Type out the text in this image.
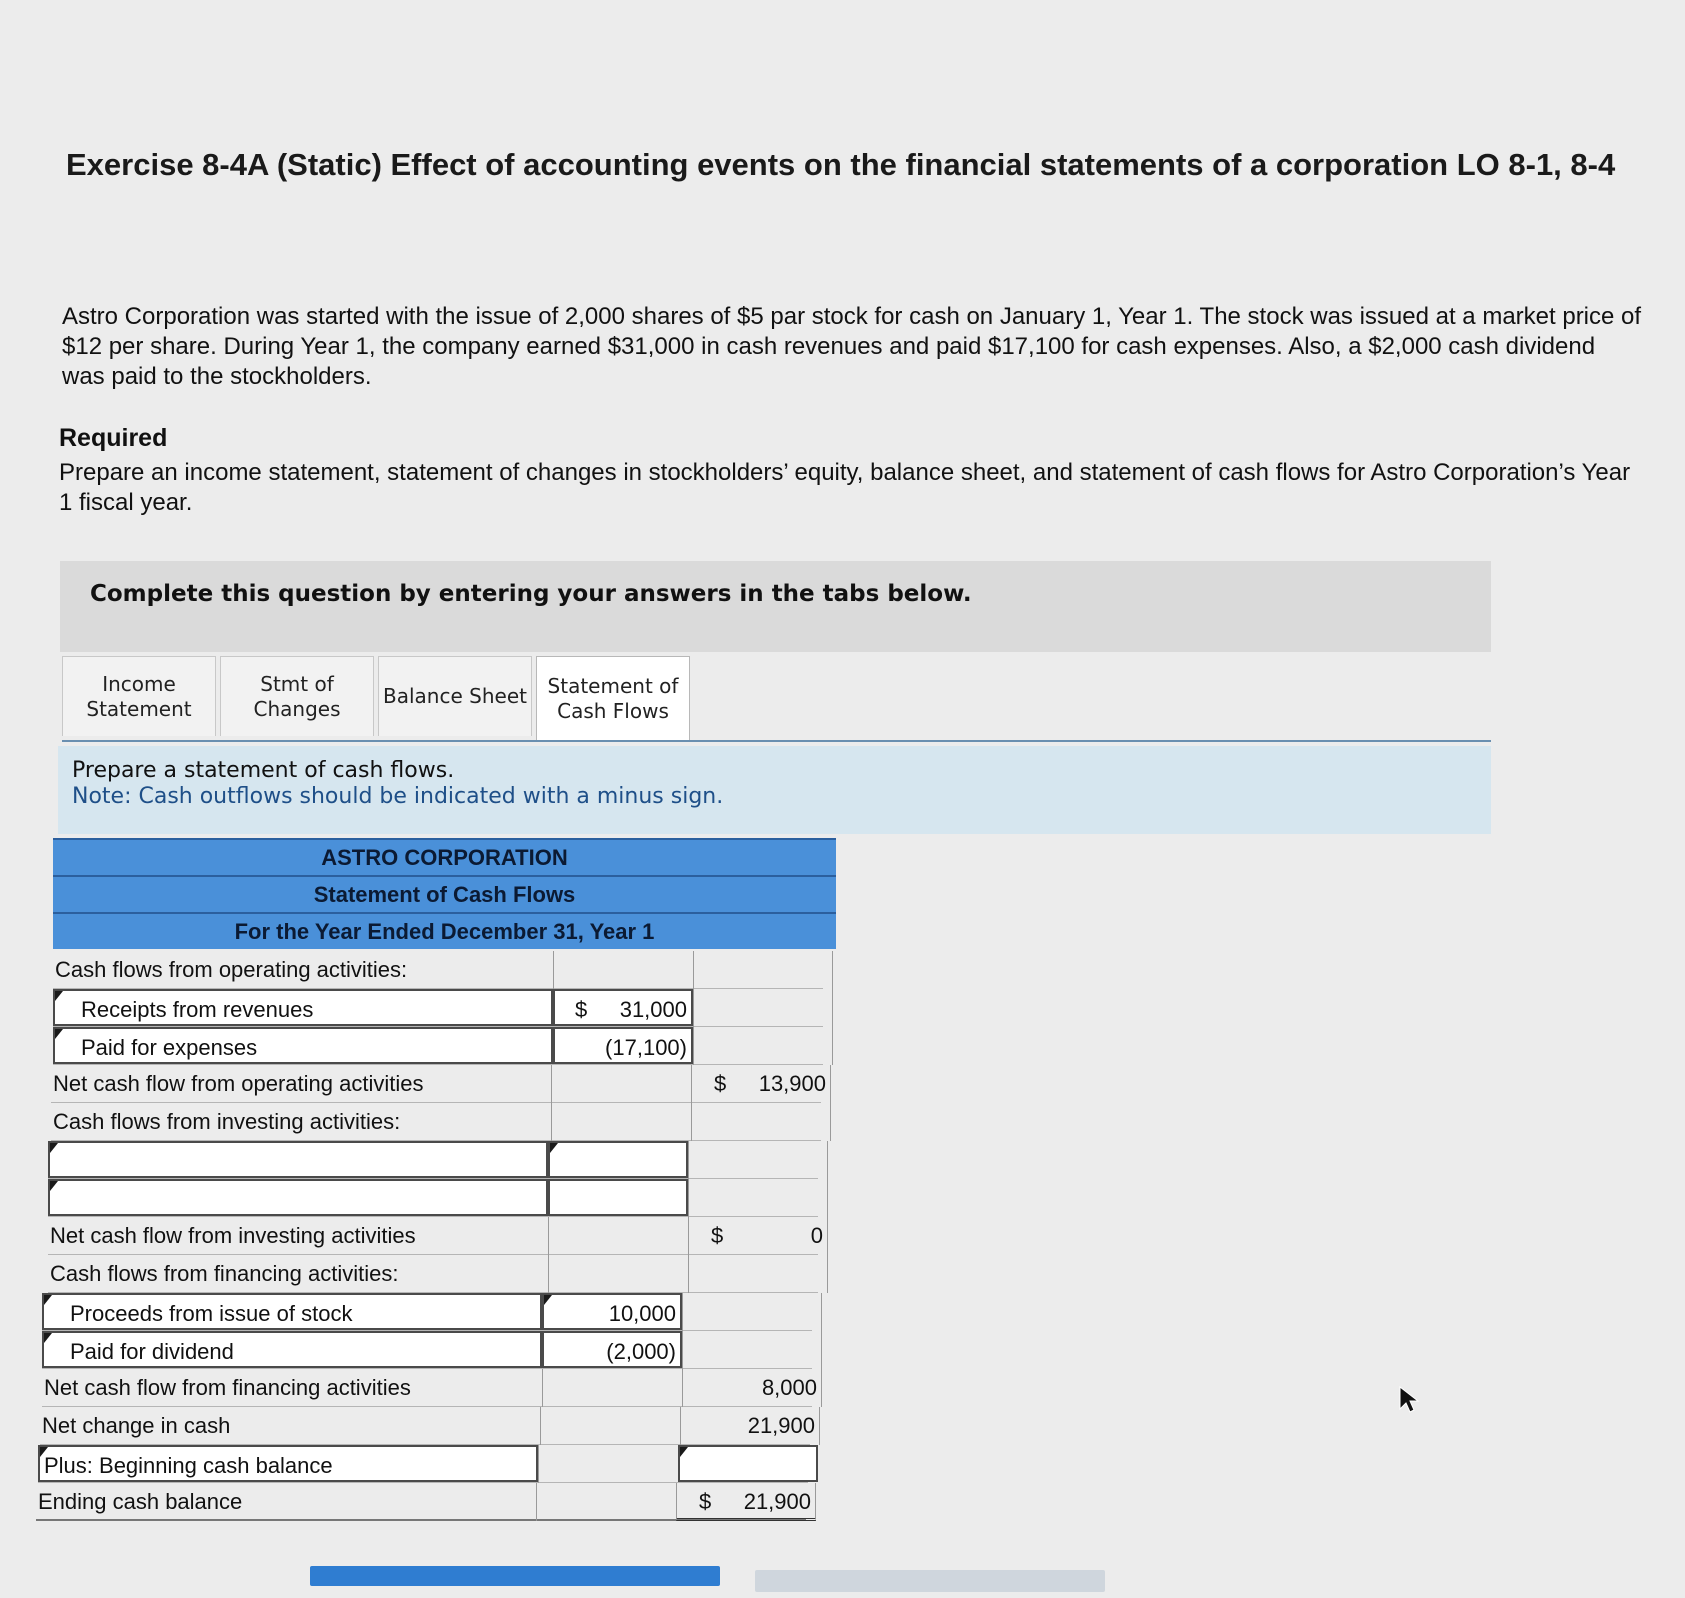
Exercise 8-4A (Static) Effect of accounting events on the financial statements of a corporation LO 8-1, 8-4
Astro Corporation was started with the issue of 2,000 shares of $5 par stock for cash on January 1, Year 1. The stock was issued at a market price of $12 per share. During Year 1, the company earned $31,000 in cash revenues and paid $17,100 for cash expenses. Also, a $2,000 cash dividend was paid to the stockholders.
Required
Prepare an income statement, statement of changes in stockholders’ equity, balance sheet, and statement of cash flows for Astro Corporation’s Year 1 fiscal year.
Complete this question by entering your answers in the tabs below.
Income
Statement
Stmt of
Changes
Balance Sheet Statement of
Cash Flows
Prepare a statement of cash flows.
Note: Cash outflows should be indicated with a minus sign.
ASTRO CORPORATION
Statement of Cash Flows
For the Year Ended December 31, Year 1
Cash flows from operating activities:
Receipts from revenues	$ 31,000
Paid for expenses	(17,100)
Net cash flow from operating activities	$ 13,900
Cash flows from investing activities:
Net cash flow from investing activities	$	0
Cash flows from financing activities:
Proceeds from issue of stock	10,000
Paid for dividend	(2,000)
Net cash flow from financing activities	8,000
Net change in cash	21,900
Plus: Beginning cash balance
Ending cash balance	$ 21,900
